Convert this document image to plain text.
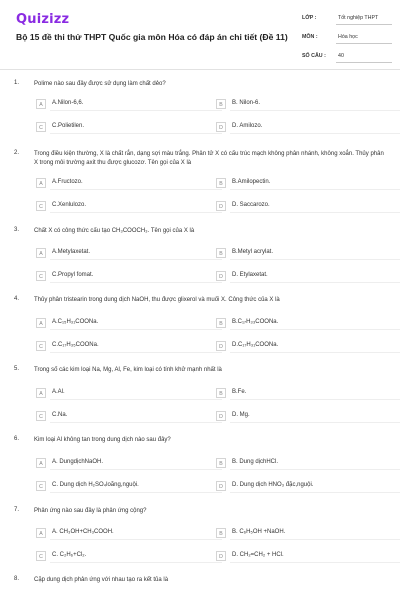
Quizizz
Bộ 15 đề thi thử THPT Quốc gia môn Hóa có đáp án chi tiết (Đề 11)
LỚP :	Tốt nghiệp THPT
MÔN :	Hóa học
SỐ CÂU : 40
1. Polime nào sau đây được sử dụng làm chất dẻo?
A	A.Nilon-6,6.	B	B. Nilon-6.
C	C.Polietilen.	D	D. Amilozo.
2. Trong điều kiện thường, X là chất rắn, dạng sợi màu trắng. Phân tử X có cấu trúc mạch không phân nhánh, không xoắn. Thủy phân X trong môi trường axit thu được glucozơ. Tên gọi của X là
A	A.Fructozo.	B	B.Amilopectin.
C	C.Xenlulozo.	D	D. Saccarozo.
3. Chất X có công thức cấu tạo CH₃COOCH₃. Tên gọi của X là
A	A.Metylaxetat.	B	B.Metyl acrylat.
C	C.Propyl fomat.	D	D. Etylaxetat.
4. Thủy phân tristearin trong dung dịch NaOH, thu được glixerol và muối X. Công thức của X là
A	A.C₁₅H₃₁COONa.	B	B.C₁₇H₃₃COONa.
C	C.C₁₇H₃₅COONa.	D	D.C₁₇H₃₁COONa.
5. Trong số các kim loại Na, Mg, Al, Fe, kim loại có tính khử mạnh nhất là
A	A.Al.	B	B.Fe.
C	C.Na.	D	D. Mg.
6. Kim loại Al không tan trong dung dịch nào sau đây?
A	A. DungdịchNaOH.	B	B. Dung dịchHCl.
C	C. Dung dịch H₂SO₄loãng,nguội.	D	D. Dung dịch HNO₃ đặc,nguội.
7. Phản ứng nào sau đây là phản ứng cộng?
A	A. CH₃OH+CH₃COOH.	B	B. C₆H₅OH +NaOH.
C	C. C₂H₆+Cl₂.	D	D. CH₂=CH₂ + HCl.
8. Cặp dung dịch phản ứng với nhau tạo ra kết tủa là
